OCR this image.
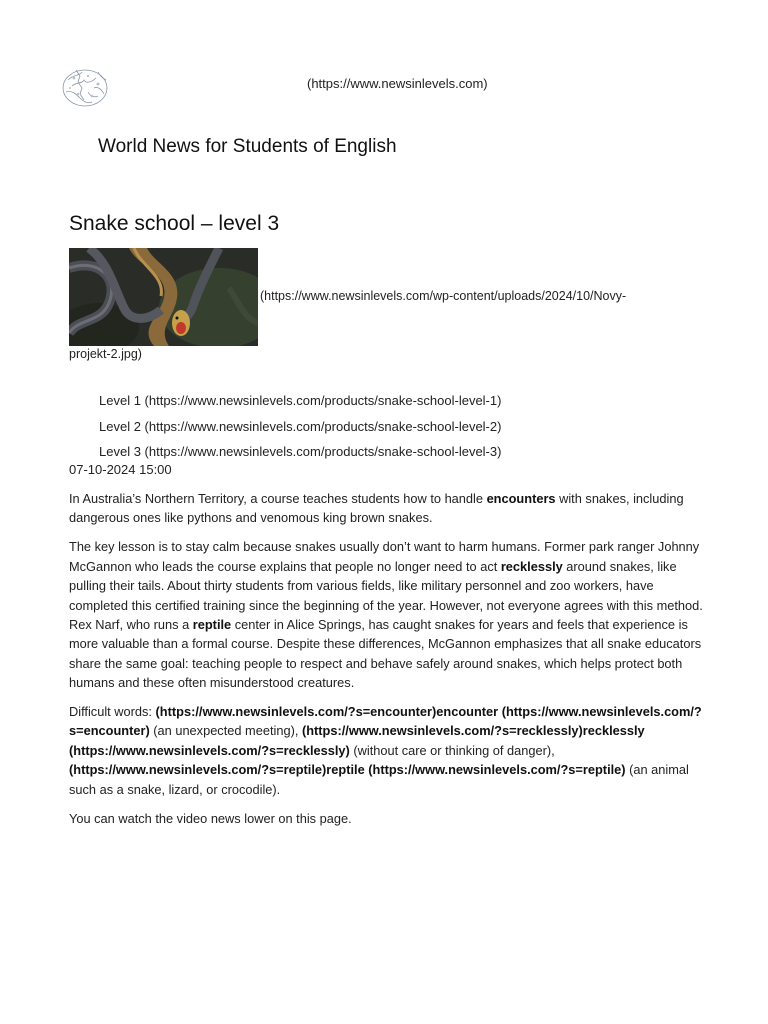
(https://www.newsinlevels.com)
World News for Students of English
Snake school – level 3
(https://www.newsinlevels.com/wp-content/uploads/2024/10/Novy-
projekt-2.jpg)
Level 1 (https://www.newsinlevels.com/products/snake-school-level-1)
Level 2 (https://www.newsinlevels.com/products/snake-school-level-2)
Level 3 (https://www.newsinlevels.com/products/snake-school-level-3)
07-10-2024 15:00

In Australia’s Northern Territory, a course teaches students how to handle encounters with snakes, including dangerous ones like pythons and venomous king brown snakes.

The key lesson is to stay calm because snakes usually don’t want to harm humans. Former park ranger Johnny McGannon who leads the course explains that people no longer need to act recklessly around snakes, like pulling their tails. About thirty students from various fields, like military personnel and zoo workers, have completed this certified training since the beginning of the year. However, not everyone agrees with this method. Rex Narf, who runs a reptile center in Alice Springs, has caught snakes for years and feels that experience is more valuable than a formal course. Despite these differences, McGannon emphasizes that all snake educators share the same goal: teaching people to respect and behave safely around snakes, which helps protect both humans and these often misunderstood creatures.

Difficult words: (https://www.newsinlevels.com/?s=encounter)encounter (https://www.newsinlevels.com/?s=encounter) (an unexpected meeting), (https://www.newsinlevels.com/?s=recklessly)recklessly (https://www.newsinlevels.com/?s=recklessly) (without care or thinking of danger), (https://www.newsinlevels.com/?s=reptile)reptile (https://www.newsinlevels.com/?s=reptile) (an animal such as a snake, lizard, or crocodile).

You can watch the video news lower on this page.
